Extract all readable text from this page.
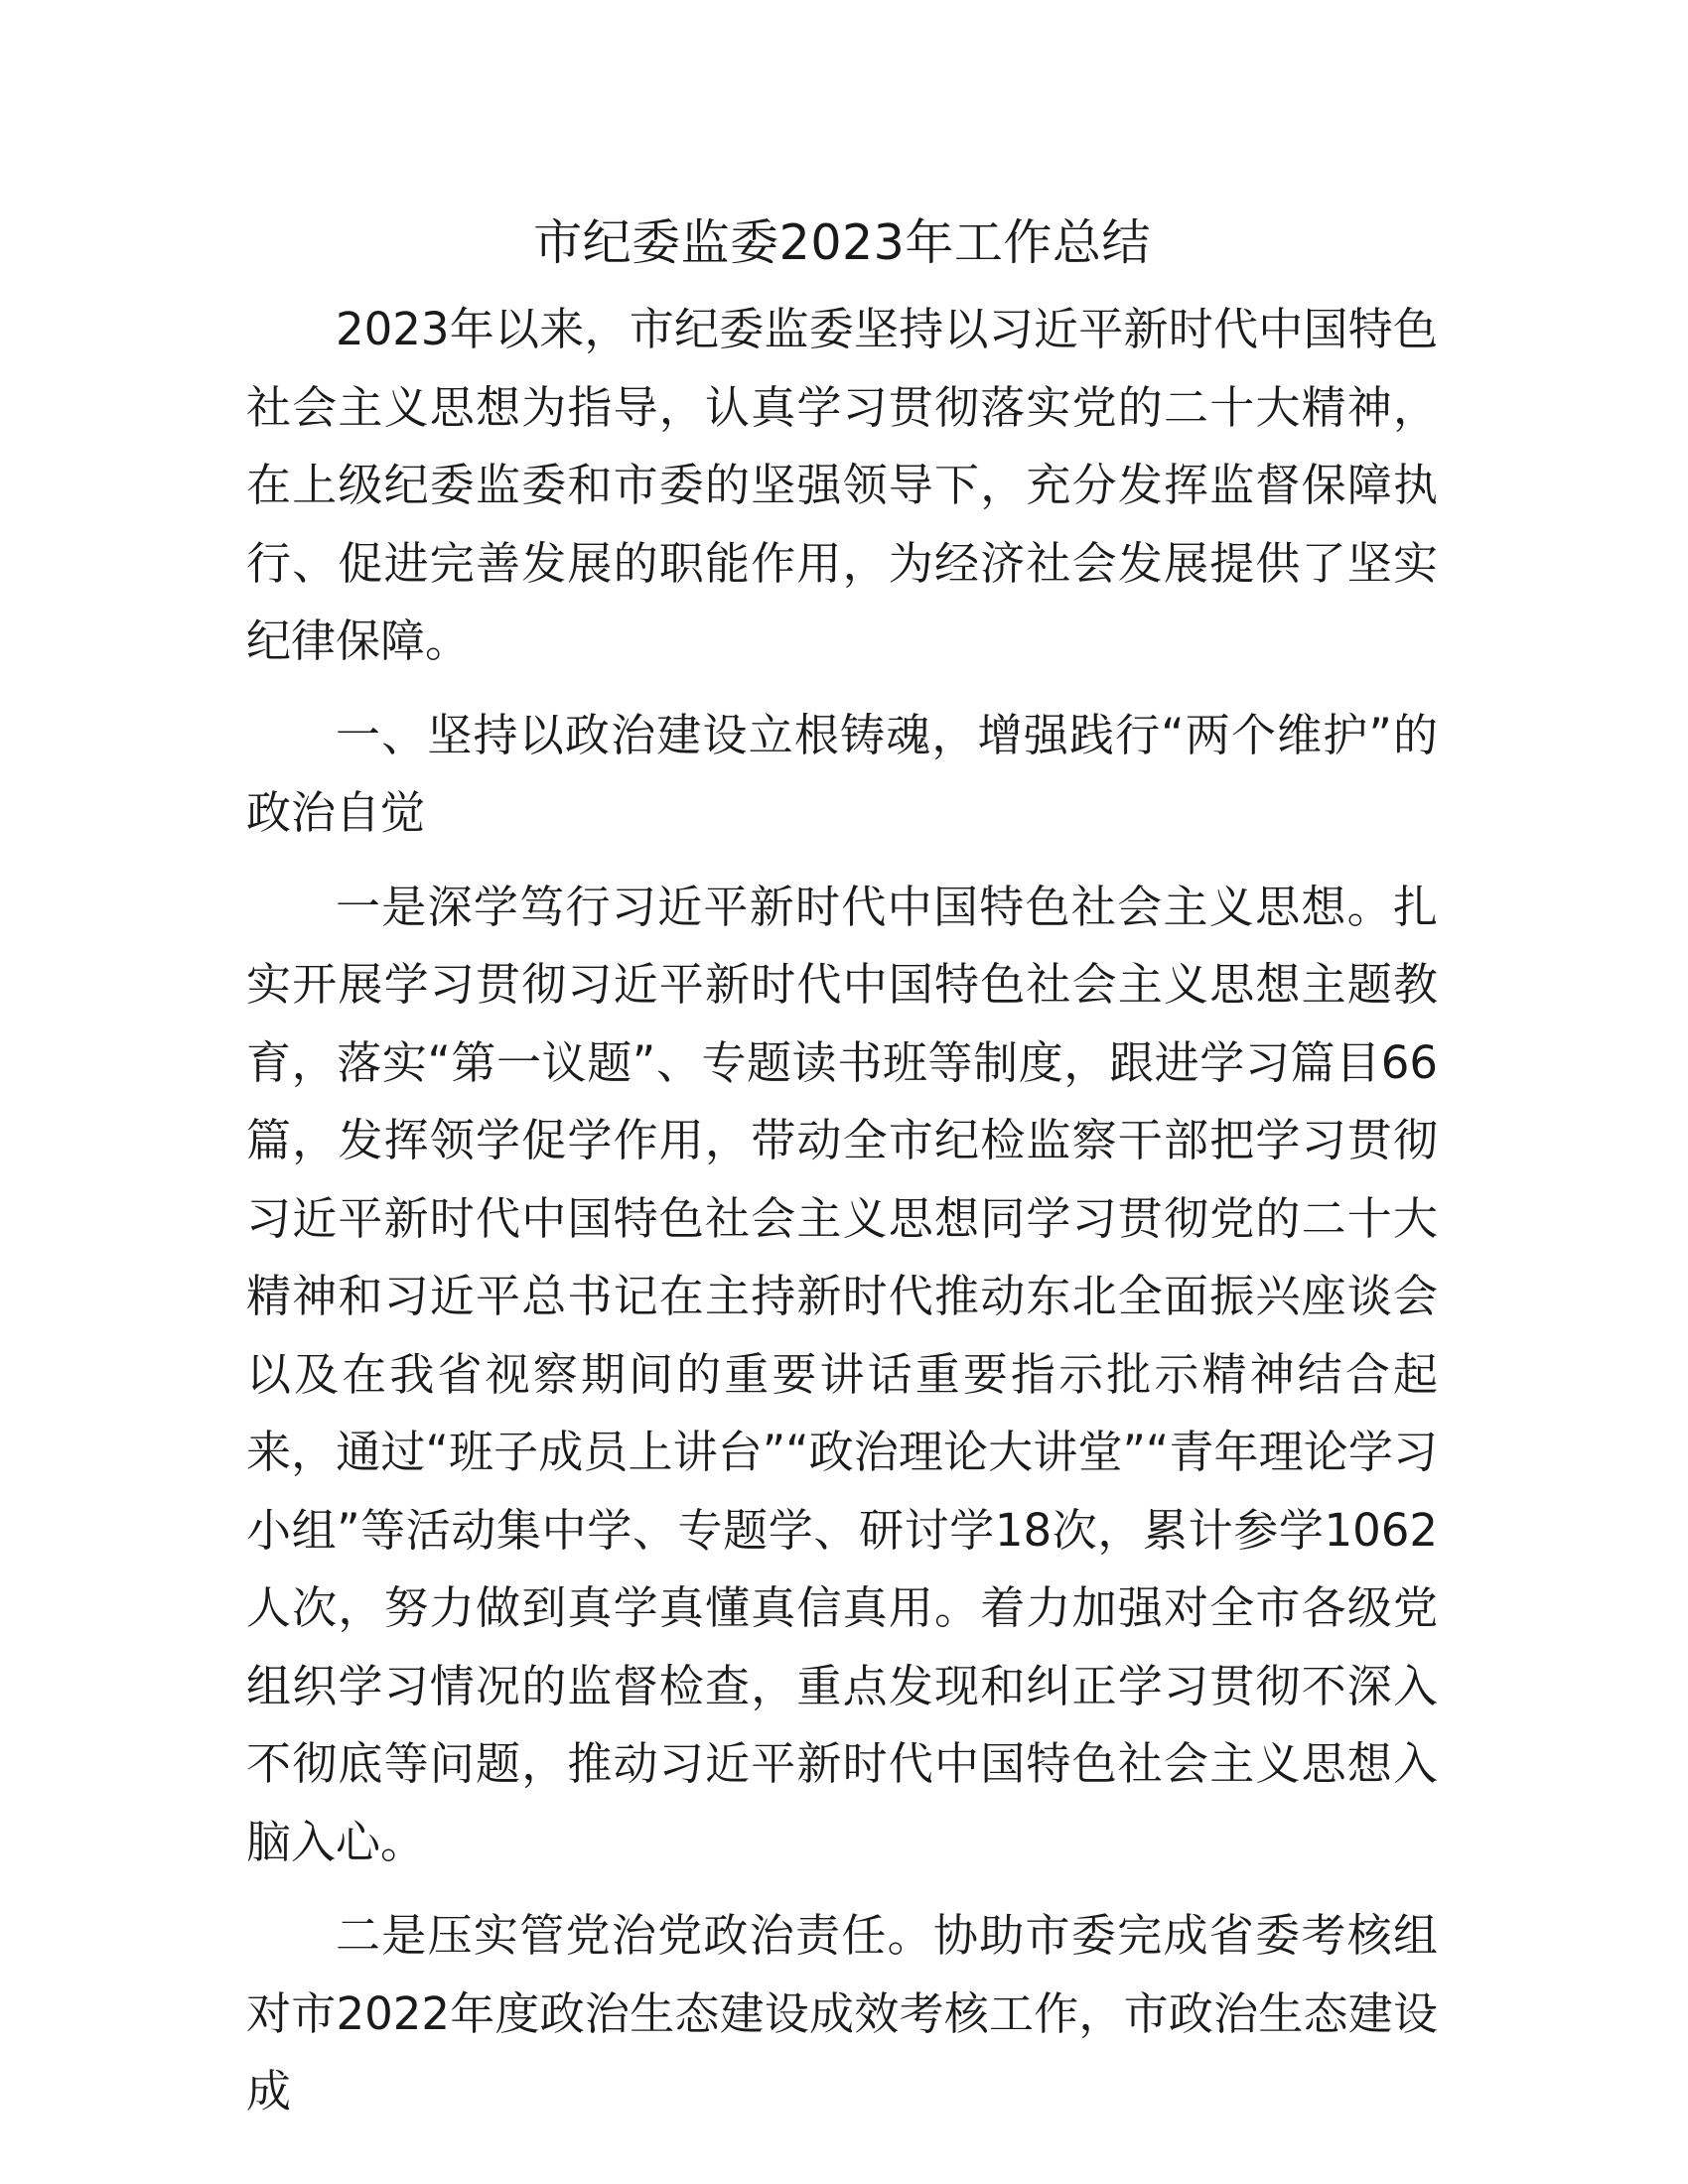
市纪委监委2023年工作总结

2023年以来，市纪委监委坚持以习近平新时代中国特色社会主义思想为指导，认真学习贯彻落实党的二十大精神，在上级纪委监委和市委的坚强领导下，充分发挥监督保障执行、促进完善发展的职能作用，为经济社会发展提供了坚实纪律保障。

一、坚持以政治建设立根铸魂，增强践行“两个维护”的政治自觉

一是深学笃行习近平新时代中国特色社会主义思想。扎实开展学习贯彻习近平新时代中国特色社会主义思想主题教育，落实“第一议题”、专题读书班等制度，跟进学习篇目66篇，发挥领学促学作用，带动全市纪检监察干部把学习贯彻习近平新时代中国特色社会主义思想同学习贯彻党的二十大精神和习近平总书记在主持新时代推动东北全面振兴座谈会以及在我省视察期间的重要讲话重要指示批示精神结合起来，通过“班子成员上讲台”“政治理论大讲堂”“青年理论学习小组”等活动集中学、专题学、研讨学18次，累计参学1062人次，努力做到真学真懂真信真用。着力加强对全市各级党组织学习情况的监督检查，重点发现和纠正学习贯彻不深入不彻底等问题，推动习近平新时代中国特色社会主义思想入脑入心。

二是压实管党治党政治责任。协助市委完成省委考核组对市2022年度政治生态建设成效考核工作，市政治生态建设成
